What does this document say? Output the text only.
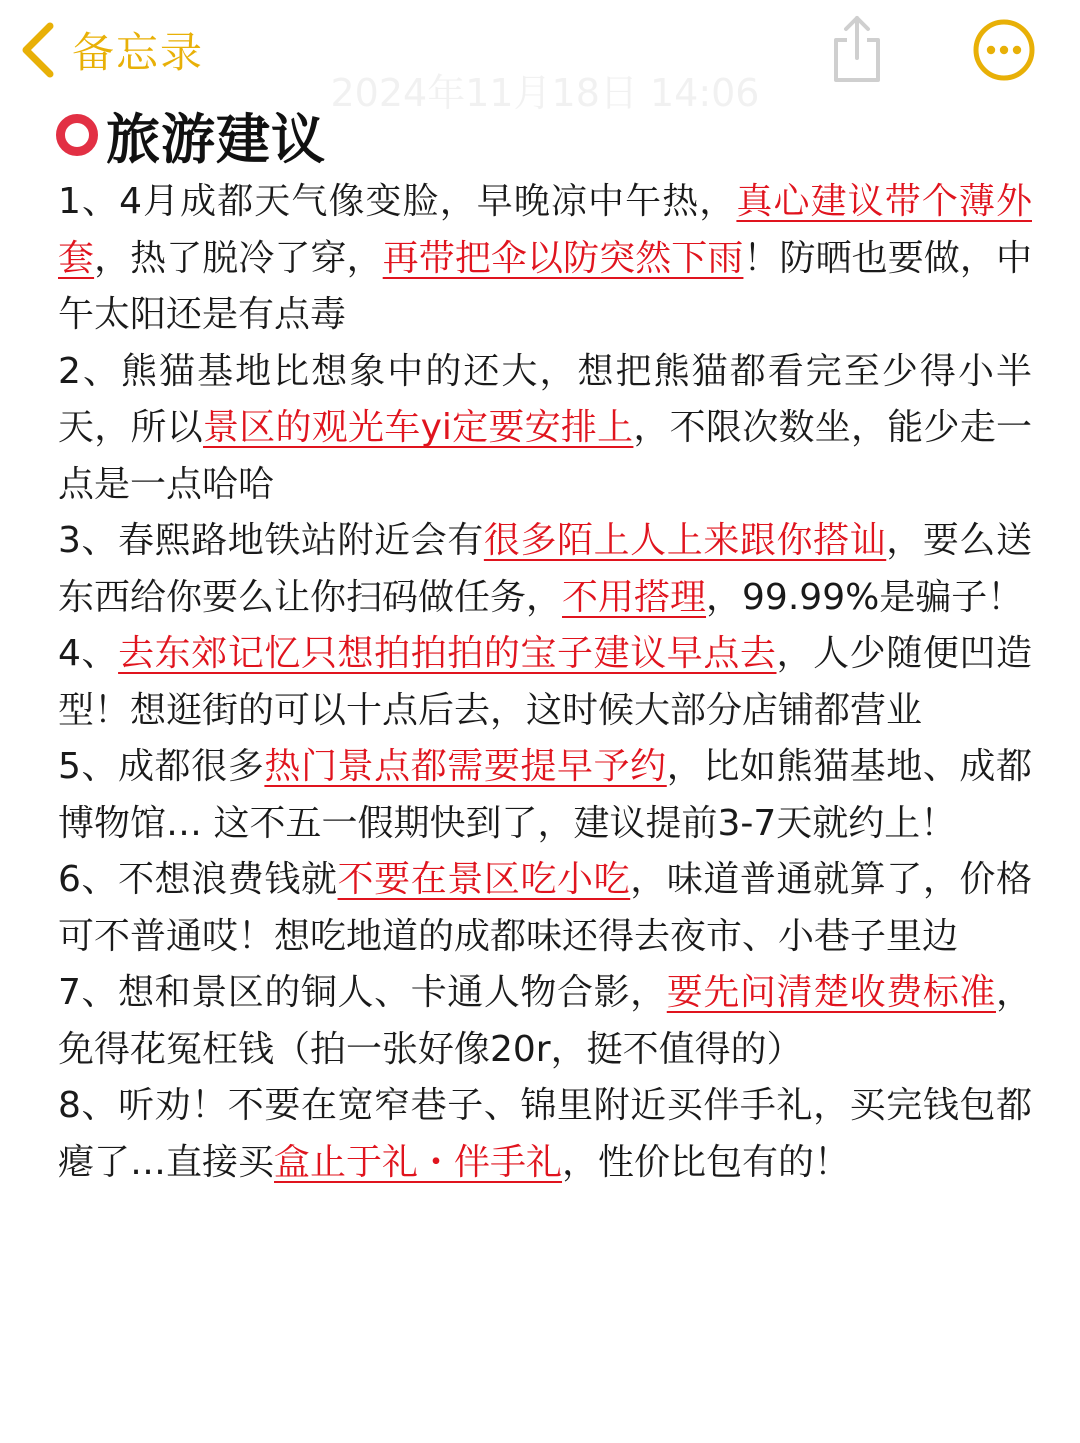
备忘录
2024年11月18日 14:06
旅游建议

1、4月成都天气像变脸，早晚凉中午热，真心建议带个薄外套，热了脱冷了穿，再带把伞以防突然下雨！防晒也要做，中午太阳还是有点毒

2、熊猫基地比想象中的还大，想把熊猫都看完至少得小半天，所以景区的观光车yi定要安排上，不限次数坐，能少走一点是一点哈哈

3、春熙路地铁站附近会有很多陌上人上来跟你搭讪，要么送东西给你要么让你扫码做任务，不用搭理，99.99%是骗子！

4、去东郊记忆只想拍拍拍的宝子建议早点去，人少随便凹造型！想逛街的可以十点后去，这时候大部分店铺都营业

5、成都很多热门景点都需要提早予约，比如熊猫基地、成都博物馆… 这不五一假期快到了，建议提前3-7天就约上！

6、不想浪费钱就不要在景区吃小吃，味道普通就算了，价格可不普通哎！想吃地道的成都味还得去夜市、小巷子里边

7、想和景区的铜人、卡通人物合影，要先问清楚收费标准，免得花冤枉钱（拍一张好像20r，挺不值得的）

8、听劝！不要在宽窄巷子、锦里附近买伴手礼，买完钱包都瘪了…直接买盒止于礼・伴手礼，性价比包有的！
